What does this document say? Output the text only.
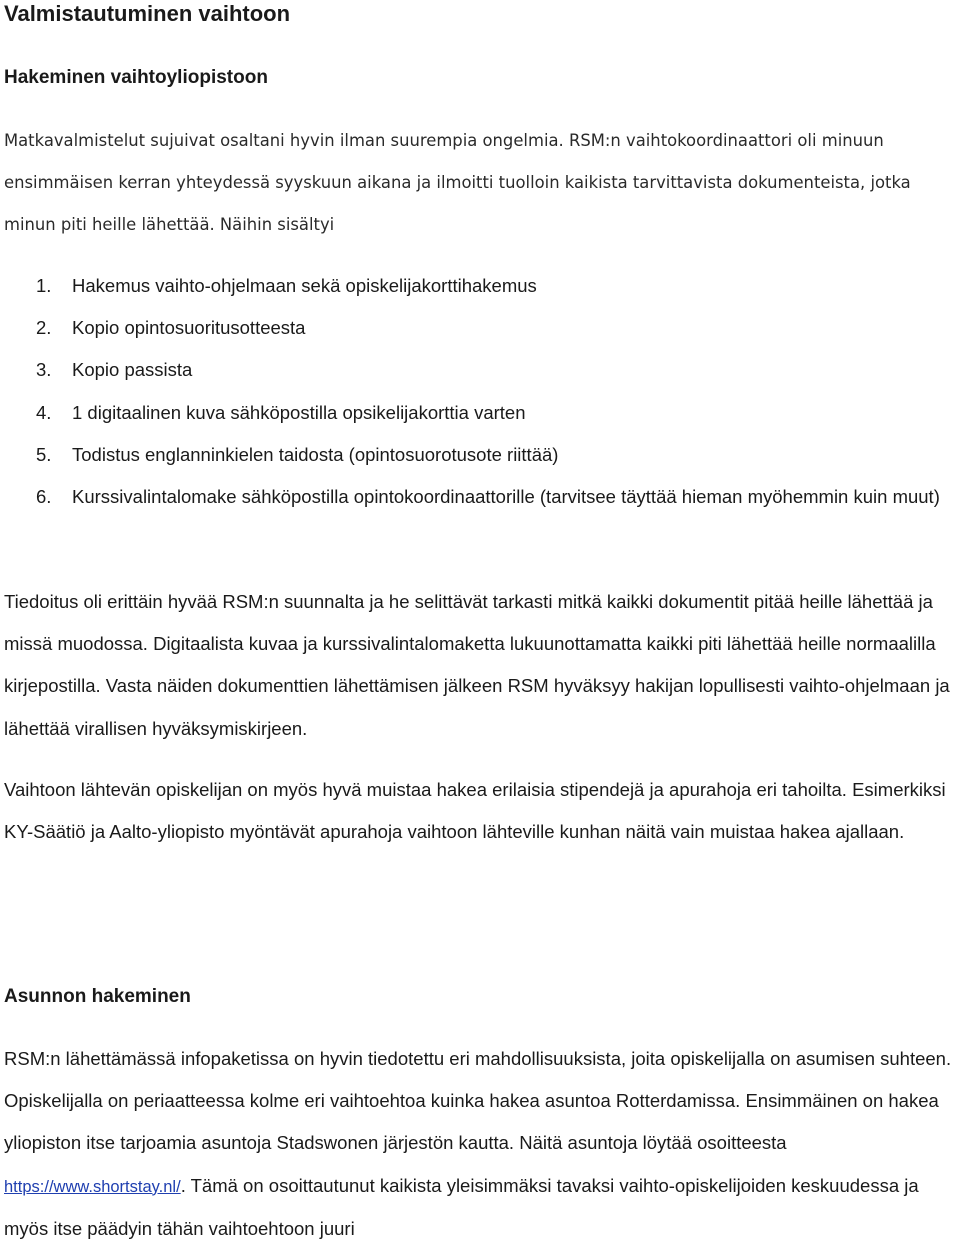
Valmistautuminen vaihtoon
Hakeminen vaihtoyliopistoon

Matkavalmistelut sujuivat osaltani hyvin ilman suurempia ongelmia. RSM:n vaihtokoordinaattori oli minuun ensimmäisen kerran yhteydessä syyskuun aikana ja ilmoitti tuolloin kaikista tarvittavista dokumenteista, jotka minun piti heille lähettää. Näihin sisältyi

1.	Hakemus vaihto-ohjelmaan sekä opiskelijakorttihakemus
2.	Kopio opintosuoritusotteesta
3.	Kopio passista
4.	1 digitaalinen kuva sähköpostilla opsikelijakorttia varten
5.	Todistus englanninkielen taidosta (opintosuorotusote riittää)
6.	Kurssivalintalomake sähköpostilla opintokoordinaattorille (tarvitsee täyttää hieman myöhemmin kuin muut)

Tiedoitus oli erittäin hyvää RSM:n suunnalta ja he selittävät tarkasti mitkä kaikki dokumentit pitää heille lähettää ja missä muodossa. Digitaalista kuvaa ja kurssivalintalomaketta lukuunottamatta kaikki piti lähettää heille normaalilla kirjepostilla. Vasta näiden dokumenttien lähettämisen jälkeen RSM hyväksyy hakijan lopullisesti vaihto-ohjelmaan ja lähettää virallisen hyväksymiskirjeen.

Vaihtoon lähtevän opiskelijan on myös hyvä muistaa hakea erilaisia stipendejä ja apurahoja eri tahoilta. Esimerkiksi KY-Säätiö ja Aalto-yliopisto myöntävät apurahoja vaihtoon lähteville kunhan näitä vain muistaa hakea ajallaan.

Asunnon hakeminen

RSM:n lähettämässä infopaketissa on hyvin tiedotettu eri mahdollisuuksista, joita opiskelijalla on asumisen suhteen. Opiskelijalla on periaatteessa kolme eri vaihtoehtoa kuinka hakea asuntoa Rotterdamissa. Ensimmäinen on hakea yliopiston itse tarjoamia asuntoja Stadswonen järjestön kautta. Näitä asuntoja löytää osoitteesta https://www.shortstay.nl/. Tämä on osoittautunut kaikista yleisimmäksi tavaksi vaihto-opiskelijoiden keskuudessa ja myös itse päädyin tähän vaihtoehtoon juuri
